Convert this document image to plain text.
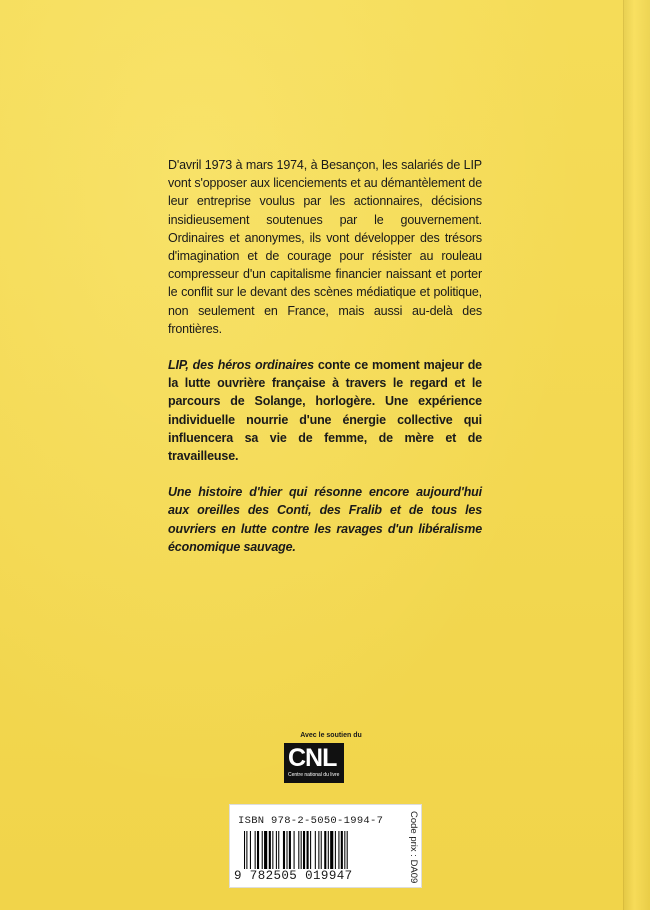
D'avril 1973 à mars 1974, à Besançon, les salariés de LIP vont s'opposer aux licenciements et au démantèlement de leur entreprise voulus par les actionnaires, décisions insidieusement soutenues par le gouvernement. Ordinaires et anonymes, ils vont développer des trésors d'imagination et de courage pour résister au rouleau compresseur d'un capitalisme financier naissant et porter le conflit sur le devant des scènes médiatique et politique, non seulement en France, mais aussi au-delà des frontières.

LIP, des héros ordinaires conte ce moment majeur de la lutte ouvrière française à travers le regard et le parcours de Solange, horlogère. Une expérience individuelle nourrie d'une énergie collective qui influencera sa vie de femme, de mère et de travailleuse.

Une histoire d'hier qui résonne encore aujourd'hui aux oreilles des Conti, des Fralib et de tous les ouvriers en lutte contre les ravages d'un libéralisme économique sauvage.

Avec le soutien du
CNL
Centre national du livre
ISBN 978-2-5050-1994-7
9 782505 019947	Code prix : DA09
